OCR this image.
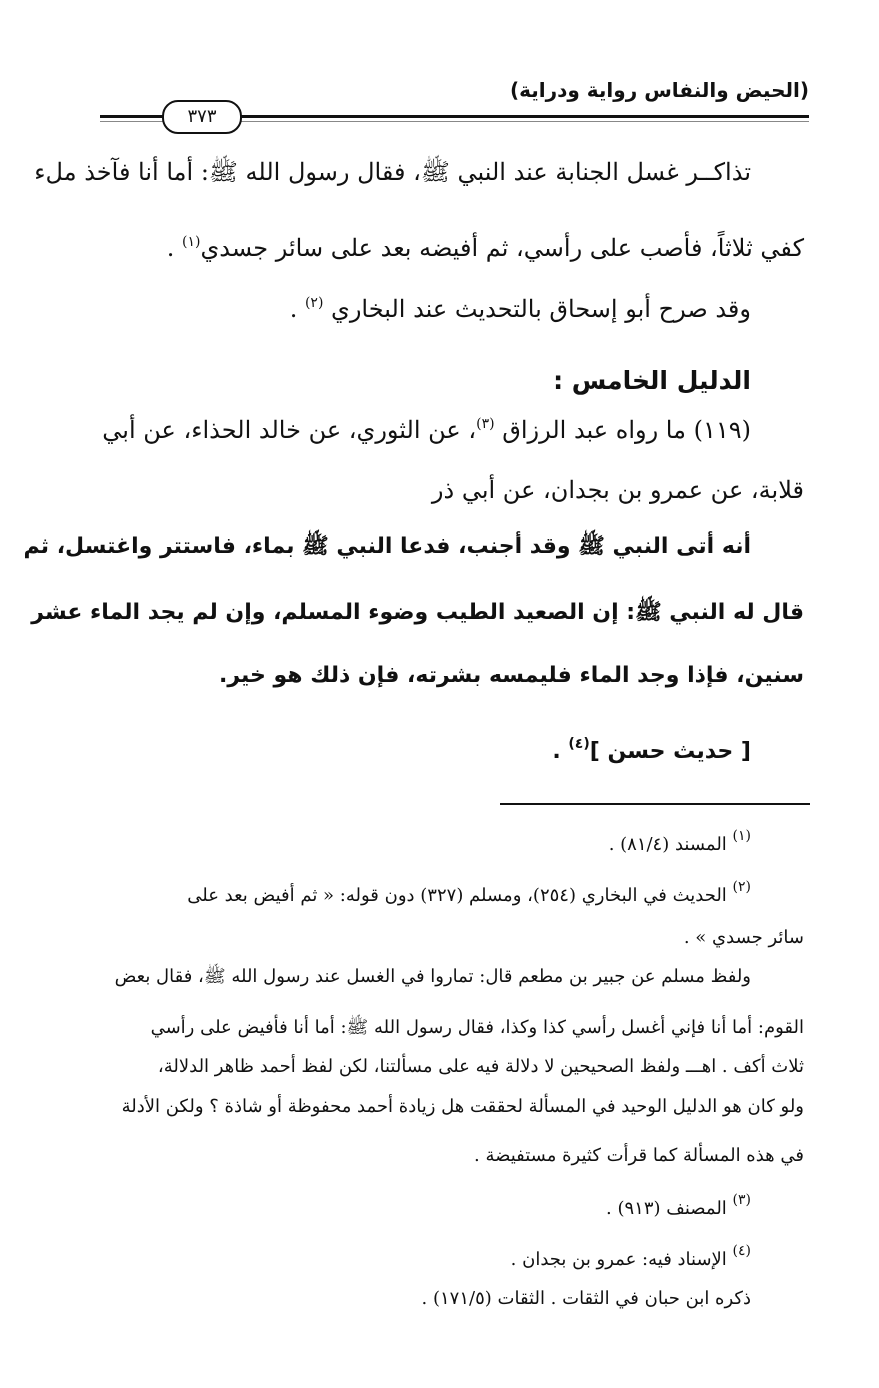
(الحيض والنفاس رواية ودراية)
٣٧٣
تذاكــر غسل الجنابة عند النبي ﷺ، فقال رسول الله ﷺ: أما أنا فآخذ ملء
كفي ثلاثاً، فأصب على رأسي، ثم أفيضه بعد على سائر جسدي$^{(١)}$ .
وقد صرح أبو إسحاق بالتحديث عند البخاري $^{(٢)}$ .
الدليل الخامس :
(١١٩) ما رواه عبد الرزاق $^{(٣)}$، عن الثوري، عن خالد الحذاء، عن أبي
قلابة، عن عمرو بن بجدان، عن أبي ذر
أنه أتى النبي ﷺ وقد أجنب، فدعا النبي ﷺ بماء، فاستتر واغتسل، ثم
قال له النبي ﷺ: إن الصعيد الطيب وضوء المسلم، وإن لم يجد الماء عشر
سنين، فإذا وجد الماء فليمسه بشرته، فإن ذلك هو خير.
[ حديث حسن ]$^{(٤)}$ .
$^{(١)}$ المسند (٨١/٤) .
$^{(٢)}$ الحديث في البخاري (٢٥٤)، ومسلم (٣٢٧) دون قوله: « ثم أفيض بعد على
سائر جسدي » .
ولفظ مسلم عن جبير بن مطعم قال: تماروا في الغسل عند رسول الله ﷺ، فقال بعض
القوم: أما أنا فإني أغسل رأسي كذا وكذا، فقال رسول الله ﷺ: أما أنا فأفيض على رأسي
ثلاث أكف . اهـــ ولفظ الصحيحين لا دلالة فيه على مسألتنا، لكن لفظ أحمد ظاهر الدلالة،
ولو كان هو الدليل الوحيد في المسألة لحققت هل زيادة أحمد محفوظة أو شاذة ؟ ولكن الأدلة
في هذه المسألة كما قرأت كثيرة مستفيضة .
$^{(٣)}$ المصنف (٩١٣) .
$^{(٤)}$ الإسناد فيه: عمرو بن بجدان .
ذكره ابن حبان في الثقات . الثقات (١٧١/٥) .
